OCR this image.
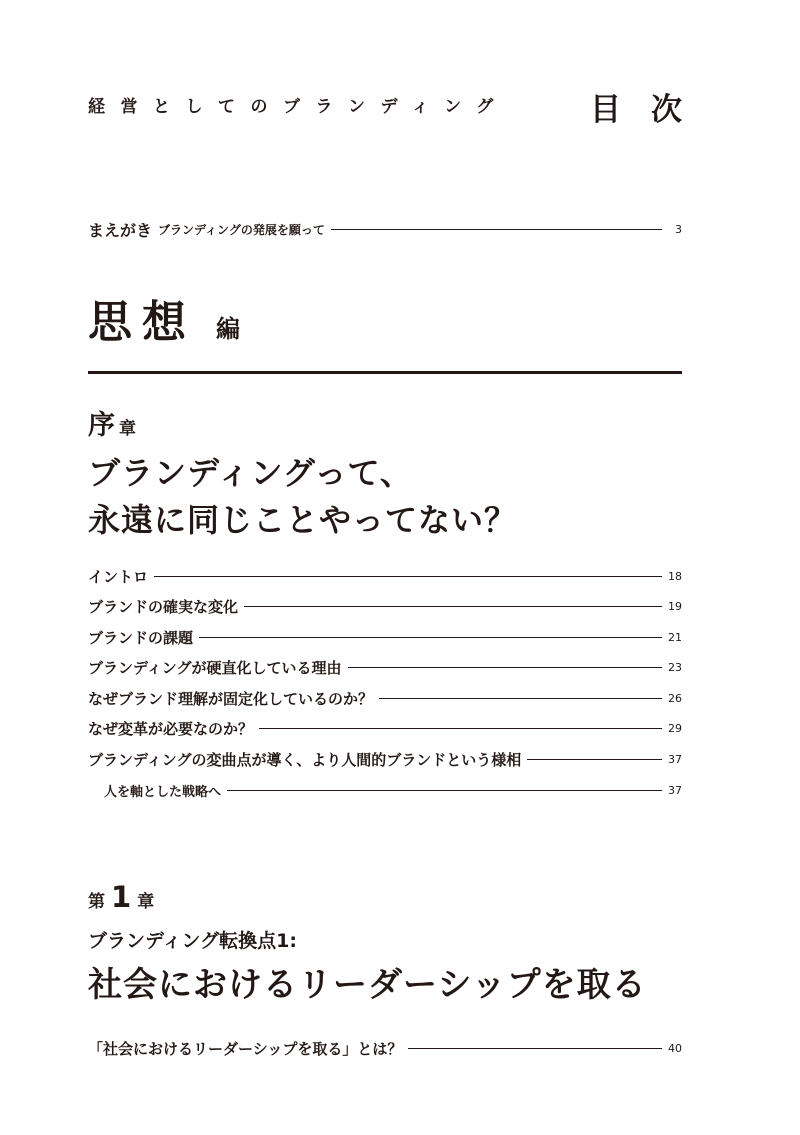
経営としてのブランディング	目次
まえがき ブランディングの発展を願って	3
思想 編
序章
ブランディングって、
永遠に同じことやってない？
イントロ	18
ブランドの確実な変化	19
ブランドの課題	21
ブランディングが硬直化している理由	23
なぜブランド理解が固定化しているのか？	26
なぜ変革が必要なのか？	29
ブランディングの変曲点が導く、より人間的ブランドという様相	37
人を軸とした戦略へ	37
第 1 章
ブランディング転換点1:
社会におけるリーダーシップを取る
「社会におけるリーダーシップを取る」とは？	40
